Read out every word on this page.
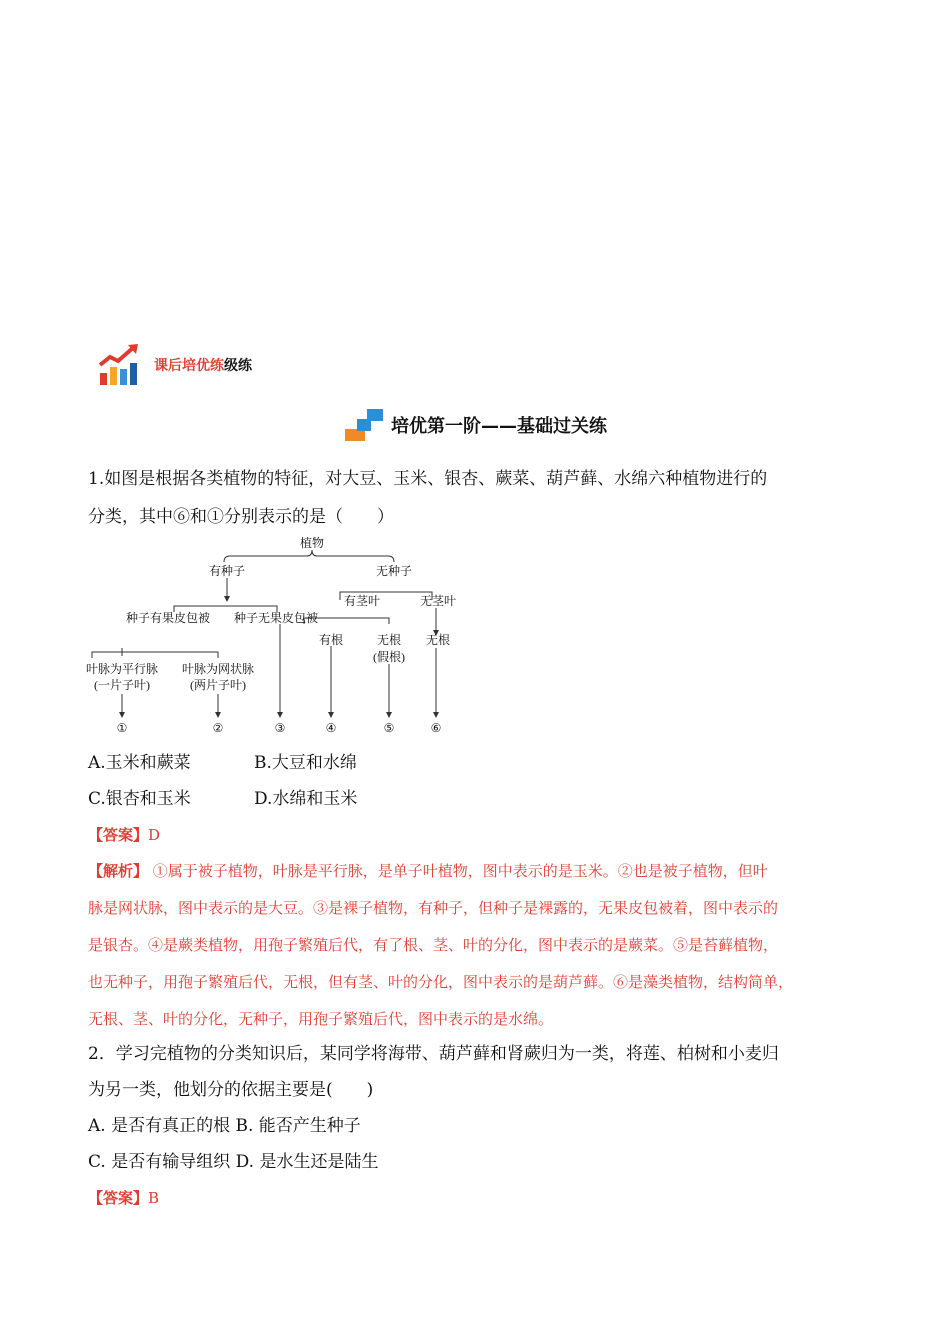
课后培优练级练
培优第一阶——基础过关练
1.如图是根据各类植物的特征，对大豆、玉米、银杏、蕨菜、葫芦藓、水绵六种植物进行的
分类，其中⑥和①分别表示的是（　　）
植物
有种子	无种子
有茎叶	无茎叶
种子有果皮包被 种子无果皮包被
有根	无根
(假根)
无根
叶脉为平行脉
(一片子叶)
叶脉为网状脉
(两片子叶)
①	②	③	④	⑤	⑥
A.玉米和蕨菜	B.大豆和水绵
C.银杏和玉米	D.水绵和玉米
【答案】D
【解析】 ①属于被子植物，叶脉是平行脉，是单子叶植物，图中表示的是玉米。②也是被子植物，但叶
脉是网状脉，图中表示的是大豆。③是裸子植物，有种子，但种子是裸露的，无果皮包被着，图中表示的
是银杏。④是蕨类植物，用孢子繁殖后代，有了根、茎、叶的分化，图中表示的是蕨菜。⑤是苔藓植物，
也无种子，用孢子繁殖后代，无根，但有茎、叶的分化，图中表示的是葫芦藓。⑥是藻类植物，结构简单，
无根、茎、叶的分化，无种子，用孢子繁殖后代，图中表示的是水绵。
2．学习完植物的分类知识后，某同学将海带、葫芦藓和肾蕨归为一类，将莲、柏树和小麦归
为另一类，他划分的依据主要是(　　)
A. 是否有真正的根 B. 能否产生种子
C. 是否有输导组织 D. 是水生还是陆生
【答案】B
